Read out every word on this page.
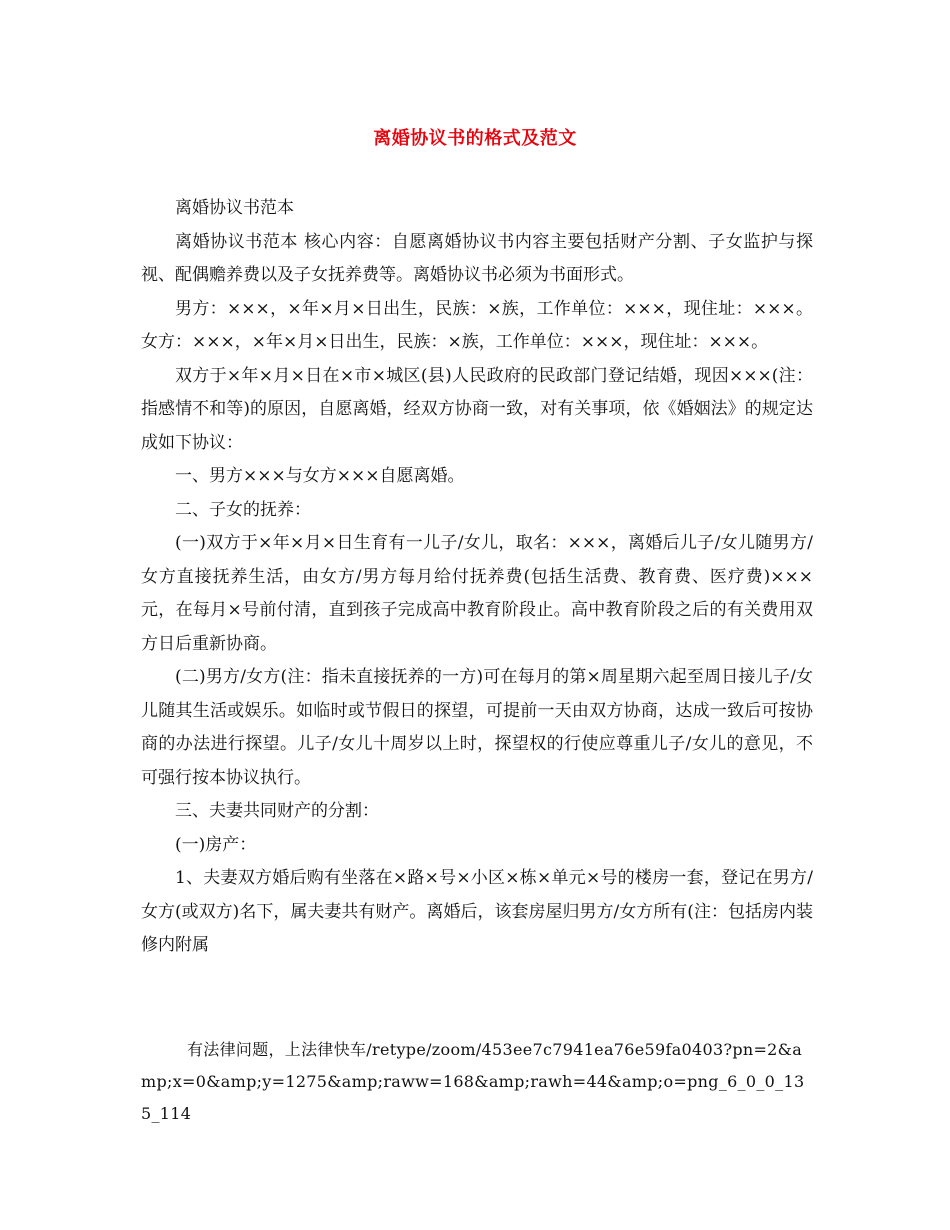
离婚协议书的格式及范文

离婚协议书范本

离婚协议书范本 核心内容：自愿离婚协议书内容主要包括财产分割、子女监护与探视、配偶赡养费以及子女抚养费等。离婚协议书必须为书面形式。

男方：×××，×年×月×日出生，民族：×族，工作单位：×××，现住址：×××。女方：×××，×年×月×日出生，民族：×族，工作单位：×××，现住址：×××。

双方于×年×月×日在×市×城区(县)人民政府的民政部门登记结婚，现因×××(注：指感情不和等)的原因，自愿离婚，经双方协商一致，对有关事项，依《婚姻法》的规定达成如下协议：

一、男方×××与女方×××自愿离婚。

二、子女的抚养：

(一)双方于×年×月×日生育有一儿子/女儿，取名：×××，离婚后儿子/女儿随男方/女方直接抚养生活，由女方/男方每月给付抚养费(包括生活费、教育费、医疗费)×××元，在每月×号前付清，直到孩子完成高中教育阶段止。高中教育阶段之后的有关费用双方日后重新协商。

(二)男方/女方(注：指未直接抚养的一方)可在每月的第×周星期六起至周日接儿子/女儿随其生活或娱乐。如临时或节假日的探望，可提前一天由双方协商，达成一致后可按协商的办法进行探望。儿子/女儿十周岁以上时，探望权的行使应尊重儿子/女儿的意见，不可强行按本协议执行。

三、夫妻共同财产的分割：

(一)房产：

1、夫妻双方婚后购有坐落在×路×号×小区×栋×单元×号的楼房一套，登记在男方/女方(或双方)名下，属夫妻共有财产。离婚后，该套房屋归男方/女方所有(注：包括房内装修内附属

有法律问题，上法律快车/retype/zoom/453ee7c7941ea76e59fa0403?pn=2&amp;x=0&amp;y=1275&amp;raww=168&amp;rawh=44&amp;o=png_6_0_0_135_114
